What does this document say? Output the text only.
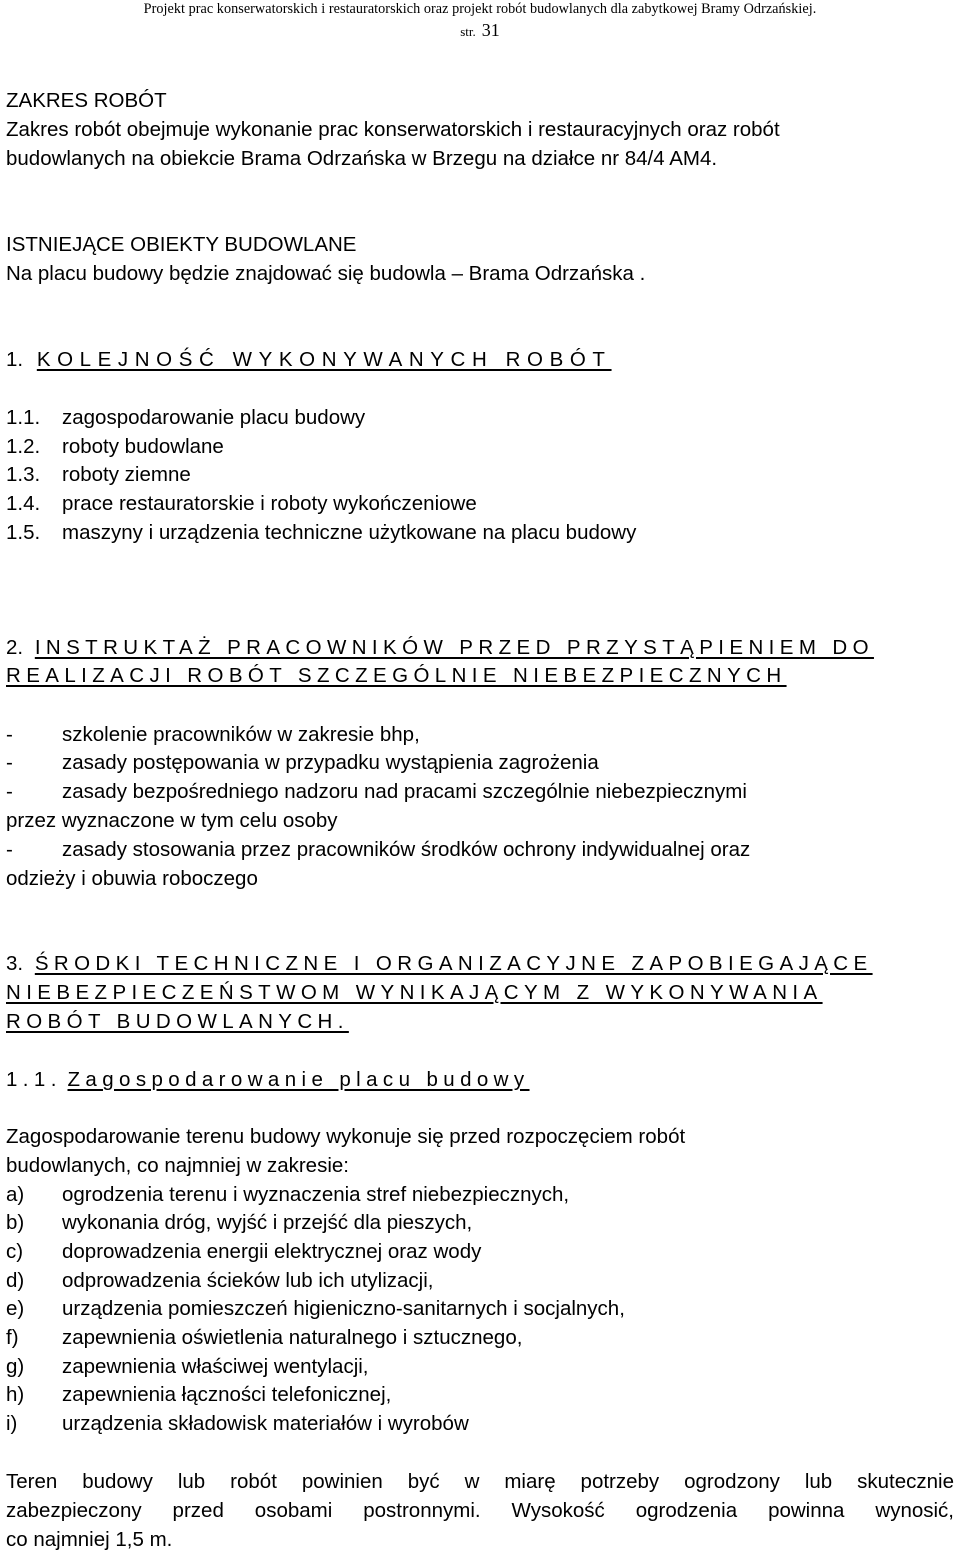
Projekt prac konserwatorskich i restauratorskich oraz projekt robót budowlanych dla zabytkowej Bramy Odrzańskiej.
str. 31
ZAKRES ROBÓT
Zakres robót obejmuje wykonanie prac konserwatorskich i restauracyjnych oraz robót
budowlanych na obiekcie Brama Odrzańska w Brzegu na działce nr 84/4 AM4.
ISTNIEJĄCE OBIEKTY BUDOWLANE
Na placu budowy będzie znajdować się budowla – Brama Odrzańska .
1. KOLEJNOŚĆ WYKONYWANYCH ROBÓT
1.1. zagospodarowanie placu budowy
1.2. roboty budowlane
1.3. roboty ziemne
1.4. prace restauratorskie i roboty wykończeniowe
1.5. maszyny i urządzenia techniczne użytkowane na placu budowy
2. INSTRUKTAŻ PRACOWNIKÓW PRZED PRZYSTĄPIENIEM DO
REALIZACJI ROBÓT SZCZEGÓLNIE NIEBEZPIECZNYCH
- szkolenie pracowników w zakresie bhp,
- zasady postępowania w przypadku wystąpienia zagrożenia
- zasady bezpośredniego nadzoru nad pracami szczególnie niebezpiecznymi
przez wyznaczone w tym celu osoby
- zasady stosowania przez pracowników środków ochrony indywidualnej oraz
odzieży i obuwia roboczego
3. ŚRODKI TECHNICZNE I ORGANIZACYJNE ZAPOBIEGAJĄCE
NIEBEZPIECZEŃSTWOM WYNIKAJĄCYM Z WYKONYWANIA
ROBÓT BUDOWLANYCH.
1.1. Zagospodarowanie placu budowy
Zagospodarowanie terenu budowy wykonuje się przed rozpoczęciem robót
budowlanych, co najmniej w zakresie:
a) ogrodzenia terenu i wyznaczenia stref niebezpiecznych,
b) wykonania dróg, wyjść i przejść dla pieszych,
c) doprowadzenia energii elektrycznej oraz wody
d) odprowadzenia ścieków lub ich utylizacji,
e) urządzenia pomieszczeń higieniczno-sanitarnych i socjalnych,
f) zapewnienia oświetlenia naturalnego i sztucznego,
g) zapewnienia właściwej wentylacji,
h) zapewnienia łączności telefonicznej,
i) urządzenia składowisk materiałów i wyrobów
Teren budowy lub robót powinien być w miarę potrzeby ogrodzony lub skutecznie
zabezpieczony przed osobami postronnymi. Wysokość ogrodzenia powinna wynosić,
co najmniej 1,5 m.
